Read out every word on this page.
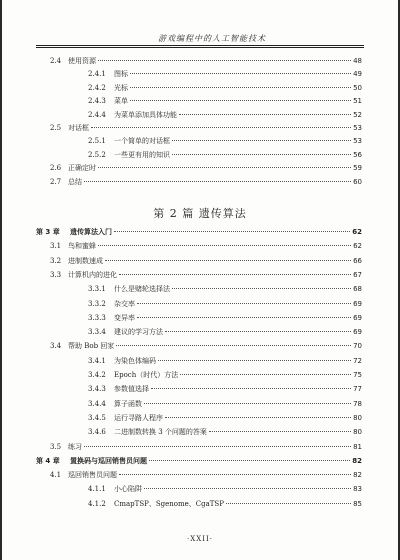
游戏编程中的人工智能技术
2.4 使用资源	48
2.4.1	图标	49
2.4.2	光标	50
2.4.3	菜单	51
2.4.4	为菜单添加具体功能	52
2.5 对话框	53
2.5.1	一个简单的对话框	53
2.5.2	一些更有用的知识	56
2.6 正确定时	59
2.7 总结	60
第 2 篇 遗传算法
第 3 章	遗传算法入门	62
3.1 鸟和蜜蜂	62
3.2 进制数速成	66
3.3 计算机内的进化	67
3.3.1	什么是赌轮选择法	68
3.3.2	杂交率	69
3.3.3	变异率	69
3.3.4	建议的学习方法	69
3.4 帮助 Bob 回家	70
3.4.1	为染色体编码	72
3.4.2	Epoch（时代）方法	75
3.4.3	参数值选择	77
3.4.4	算子函数	78
3.4.5	运行寻路人程序	80
3.4.6	二进制数转换 3 个问题的答案	80
3.5 练习	81
第 4 章	置换码与巡回销售员问题	82
4.1 巡回销售员问题	82
4.1.1	小心陷阱	83
4.1.2	CmapTSP、Sgenome、CgaTSP	85
·XXII·
